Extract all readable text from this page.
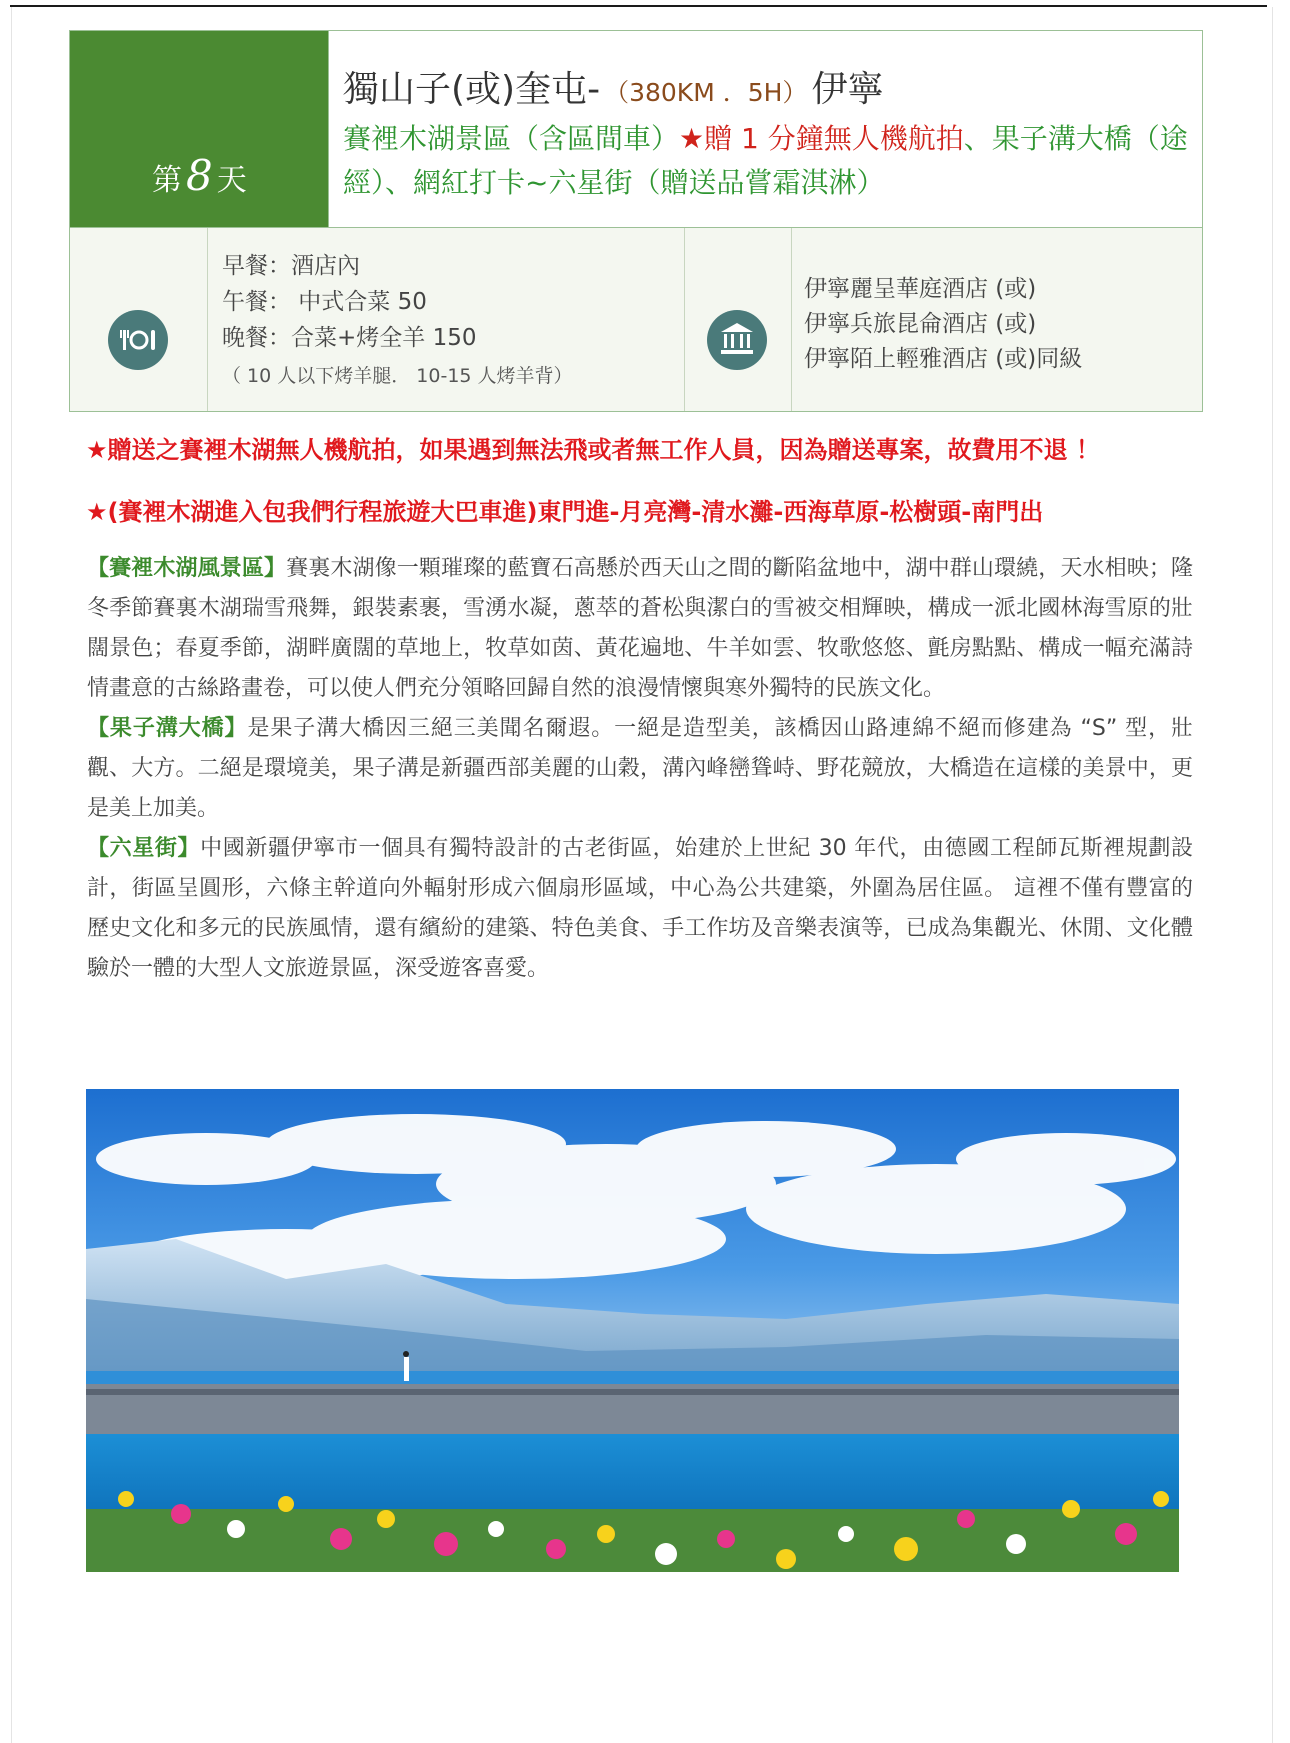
第8 天
獨山子(或)奎屯- （380KM ．5H） 伊寧
賽裡木湖景區（含區間車）★贈 1 分鐘無人機航拍、果子溝大橋（途經）、網紅打卡~六星街（贈送品嘗霜淇淋）
早餐：酒店內
午餐： 中式合菜 50
晚餐：合菜+烤全羊 150
（ 10 人以下烤羊腿． 10-15 人烤羊背）
伊寧麗呈華庭酒店 (或)
伊寧兵旅昆侖酒店 (或)
伊寧陌上輕雅酒店 (或)同級
★贈送之賽裡木湖無人機航拍，如果遇到無法飛或者無工作人員，因為贈送專案，故費用不退 ！
★(賽裡木湖進入包我們行程旅遊大巴車進)東門進-月亮灣-清水灘-西海草原-松樹頭-南門出

【賽裡木湖風景區】賽裏木湖像一顆璀璨的藍寶石高懸於西天山之間的斷陷盆地中，湖中群山環繞，天水相映；隆冬季節賽裏木湖瑞雪飛舞，銀裝素裹，雪湧水凝，蔥萃的蒼松與潔白的雪被交相輝映，構成一派北國林海雪原的壯闊景色；春夏季節，湖畔廣闊的草地上，牧草如茵、黃花遍地、牛羊如雲、牧歌悠悠、氈房點點、構成一幅充滿詩情畫意的古絲路畫卷，可以使人們充分領略回歸自然的浪漫情懷與寒外獨特的民族文化。

【果子溝大橋】是果子溝大橋因三絕三美聞名爾遐。一絕是造型美，該橋因山路連綿不絕而修建為 “S” 型，壯觀、大方。二絕是環境美，果子溝是新疆西部美麗的山穀，溝內峰巒聳峙、野花競放，大橋造在這樣的美景中，更是美上加美。

【六星街】中國新疆伊寧市一個具有獨特設計的古老街區，始建於上世紀 30 年代，由德國工程師瓦斯裡規劃設計，街區呈圓形，六條主幹道向外輻射形成六個扇形區域，中心為公共建築，外圍為居住區。 這裡不僅有豐富的歷史文化和多元的民族風情，還有繽紛的建築、特色美食、手工作坊及音樂表演等，已成為集觀光、休閒、文化體驗於一體的大型人文旅遊景區，深受遊客喜愛。
